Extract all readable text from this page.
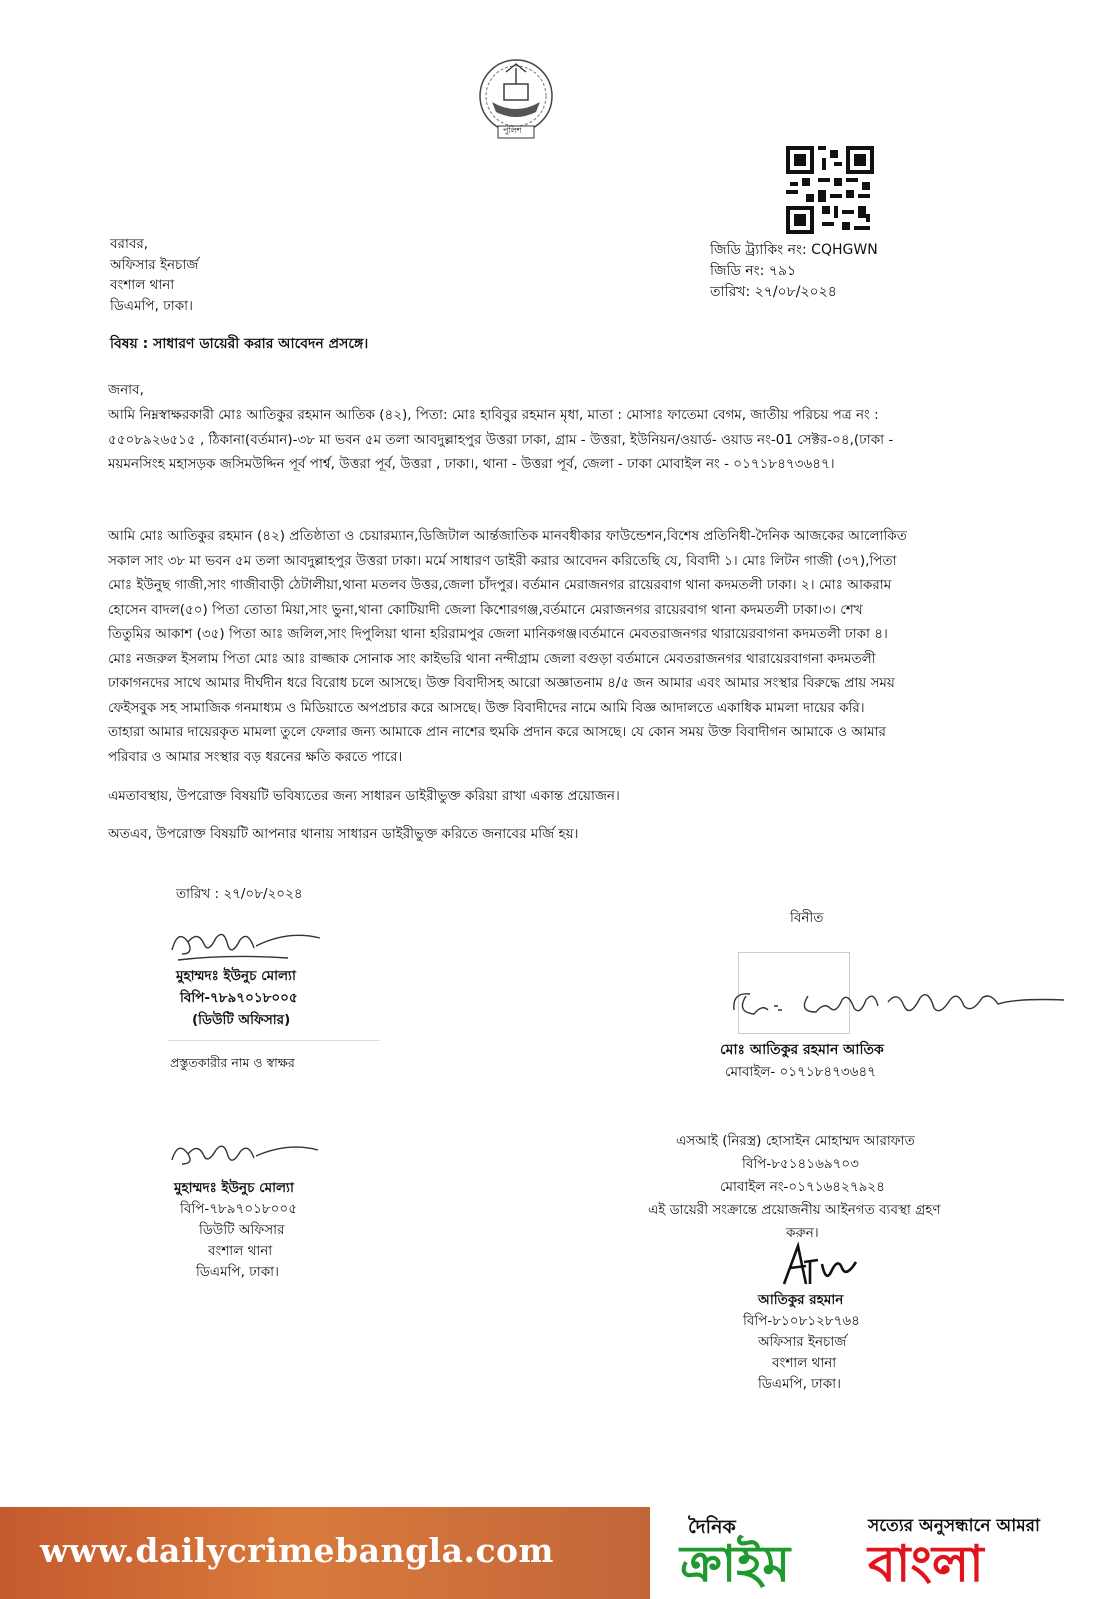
পুলিশ
জিডি ট্র্যাকিং নং: CQHGWN
জিডি নং: ৭৯১
তারিখ: ২৭/০৮/২০২৪
বরাবর,
অফিসার ইনচার্জ
বংশাল থানা
ডিএমপি, ঢাকা।
বিষয় : সাধারণ ডায়েরী করার আবেদন প্রসঙ্গে।
জনাব,
আমি নিম্নস্বাক্ষরকারী মোঃ আতিকুর রহমান আতিক (৪২), পিতা: মোঃ হাবিবুর রহমান মৃধা, মাতা : মোসাঃ ফাতেমা বেগম, জাতীয় পরিচয় পত্র নং :
৫৫০৮৯২৬৫১৫ , ঠিকানা(বর্তমান)-৩৮ মা ভবন ৫ম তলা আবদুল্লাহপুর উত্তরা ঢাকা, গ্রাম - উত্তরা, ইউনিয়ন/ওয়ার্ড- ওয়াড নং-01 সেক্টর-০৪,(ঢাকা -
ময়মনসিংহ মহাসড়ক জসিমউদ্দিন পূর্ব পার্শ্ব, উত্তরা পূর্ব, উত্তরা , ঢাকা।, থানা - উত্তরা পূর্ব, জেলা - ঢাকা মোবাইল নং - ০১৭১৮৪৭৩৬৪৭।
আমি মোঃ আতিকুর রহমান (৪২) প্রতিষ্ঠাতা ও চেয়ারম্যান,ডিজিটাল আর্ন্তজাতিক মানবধীকার ফাউন্ডেশন,বিশেষ প্রতিনিধী-দৈনিক আজকের আলোকিত
সকাল সাং ৩৮ মা ভবন ৫ম তলা আবদুল্লাহপুর উত্তরা ঢাকা। মর্মে সাধারণ ডাইরী করার আবেদন করিতেছি যে, বিবাদী ১। মোঃ লিটন গাজী (৩৭),পিতা
মোঃ ইউনুছ গাজী,সাং গাজীবাড়ী ঠেটালীয়া,থানা মতলব উত্তর,জেলা চাঁদপুর। বর্তমান মেরাজনগর রায়েরবাগ থানা কদমতলী ঢাকা। ২। মোঃ আকরাম
হোসেন বাদল(৫০) পিতা তোতা মিয়া,সাং ভুনা,থানা কোটিয়াদী জেলা কিশোরগঞ্জ,বর্তমানে মেরাজনগর রায়েরবাগ থানা কদমতলী ঢাকা।৩। শেখ
তিতুমির আকাশ (৩৫) পিতা আঃ জলিল,সাং দিপুলিয়া থানা হরিরামপুর জেলা মানিকগঞ্জ।বর্তমানে মেবতরাজনগর থারায়েরবাগনা কদমতলী ঢাকা ৪।
মোঃ নজরুল ইসলাম পিতা মোঃ আঃ রাজ্জাক সোনাক সাং কাইভরি থানা নন্দীগ্রাম জেলা বগুড়া বর্তমানে মেবতরাজনগর থারায়েরবাগনা কদমতলী
ঢাকাগনদের সাথে আমার দীর্ঘদীন ধরে বিরোধ চলে আসছে। উক্ত বিবাদীসহ আরো অজ্ঞাতনাম ৪/৫ জন আমার এবং আমার সংস্থার বিরুদ্ধে প্রায় সময়
ফেইসবুক সহ সামাজিক গনমাধ্যম ও মিডিয়াতে অপপ্রচার করে আসছে। উক্ত বিবাদীদের নামে আমি বিজ্ঞ আদালতে একাধিক মামলা দায়ের করি।
তাহারা আমার দায়েরকৃত মামলা তুলে ফেলার জন্য আমাকে প্রান নাশের হুমকি প্রদান করে আসছে। যে কোন সময় উক্ত বিবাদীগন আমাকে ও আমার
পরিবার ও আমার সংস্থার বড় ধরনের ক্ষতি করতে পারে।
এমতাবস্থায়, উপরোক্ত বিষয়টি ভবিষ্যতের জন্য সাধারন ডাইরীভুক্ত করিয়া রাখা একান্ত প্রয়োজন।
অতএব, উপরোক্ত বিষয়টি আপনার থানায় সাধারন ডাইরীভুক্ত করিতে জনাবের মর্জি হয়।
তারিখ : ২৭/০৮/২০২৪
মুহাম্মদঃ ইউনুচ মোল্যা
বিপি-৭৮৯৭০১৮০০৫
(ডিউটি অফিসার)
প্রস্তুতকারীর নাম ও স্বাক্ষর
বিনীত
মোঃ আতিকুর রহমান আতিক
মোবাইল- ০১৭১৮৪৭৩৬৪৭
মুহাম্মদঃ ইউনুচ মোল্যা
বিপি-৭৮৯৭০১৮০০৫
ডিউটি অফিসার
বংশাল থানা
ডিএমপি, ঢাকা।
এসআই (নিরস্ত্র) হোসাইন মোহাম্মদ আরাফাত
বিপি-৮৫১৪১৬৯৭০৩
মোবাইল নং-০১৭১৬৪২৭৯২৪
এই ডায়েরী সংক্রান্তে প্রয়োজনীয় আইনগত ব্যবস্থা গ্রহণ
করুন।
আতিকুর রহমান
বিপি-৮১০৮১২৮৭৬৪
অফিসার ইনচার্জ
বংশাল থানা
ডিএমপি, ঢাকা।
www.dailycrimebangla.com
দৈনিক	সত্যের অনুসন্ধানে আমরা
ক্রাইম বাংলা
